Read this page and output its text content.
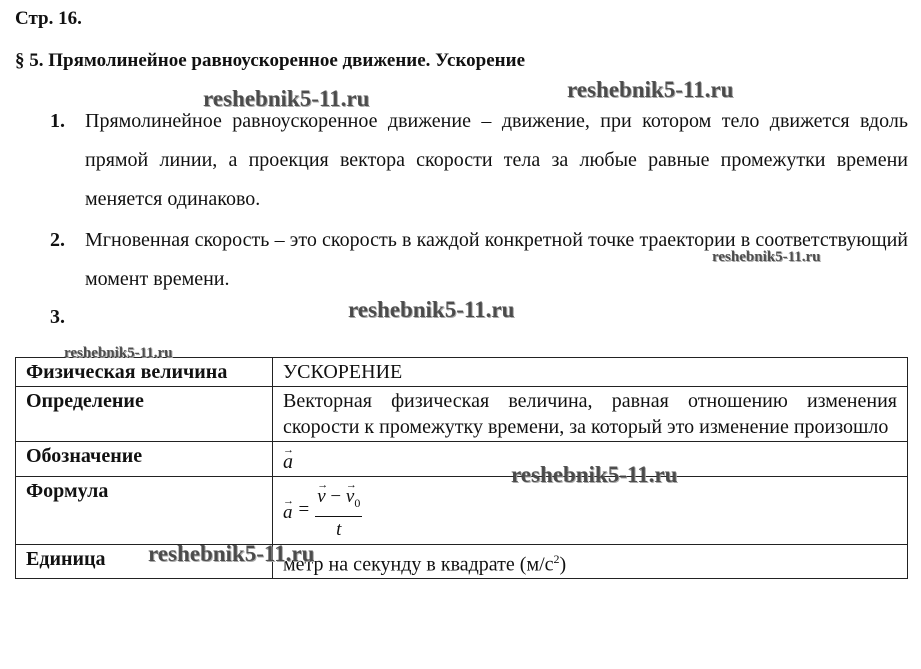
Стр. 16.
§ 5. Прямолинейное равноускоренное движение. Ускорение
1. Прямолинейное равноускоренное движение – движение, при котором тело движется вдоль прямой линии, а проекция вектора скорости тела за любые равные промежутки времени меняется одинаково.
2. Мгновенная скорость – это скорость в каждой конкретной точке траектории в соответствующий момент времени.
3.
Физическая величина	УСКОРЕНИЕ
Определение	Векторная физическая величина, равная отношению изменения скорости к промежутку времени, за который это изменение произошло
Обозначение	→ a
Формула	→ a = → $\frac{v - \to v_0}{t}$

Единица	метр на секунду в квадрате $(м/с^2)$
reshebnik5-11.ru	reshebnik5-11.ru
reshebnik5-11.ru
reshebnik5-11.ru
reshebnik5-11.ru
reshebnik5-11.ru
reshebnik5-11.ru
